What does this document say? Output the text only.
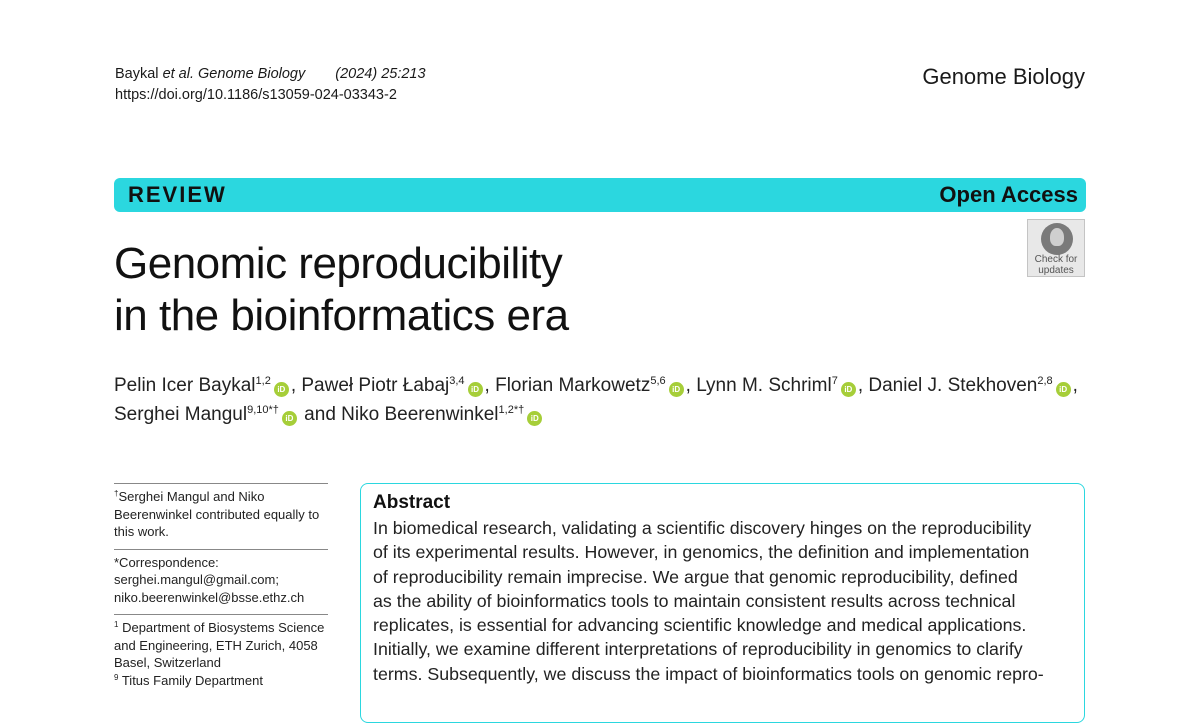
Baykal et al. Genome Biology (2024) 25:213
https://doi.org/10.1186/s13059-024-03343-2
Genome Biology
REVIEW	Open Access
Genomic reproducibility
in the bioinformatics era
Check for updates
Pelin Icer Baykal$^{1,2}$iD , Paweł Piotr Łabaj$^{3,4}$iD , Florian Markowetz$^{5,6}$iD , Lynn M. Schriml$^7$iD , Daniel J. Stekhoven$^{2,8}$iD ,
Serghei Mangul$^{9,10*\dagger}$iD and Niko Beerenwinkel$^{1,2*\dagger}$iD
†Serghei Mangul and Niko Beerenwinkel contributed equally to this work.
*Correspondence:
serghei.mangul@gmail.com;
niko.beerenwinkel@bsse.ethz.ch
$^1$ Department of Biosystems Science and Engineering, ETH Zurich, 4058 Basel, Switzerland
$^9$ Titus Family Department
Abstract
In biomedical research, validating a scientific discovery hinges on the reproducibility
of its experimental results. However, in genomics, the definition and implementation
of reproducibility remain imprecise. We argue that genomic reproducibility, defined
as the ability of bioinformatics tools to maintain consistent results across technical
replicates, is essential for advancing scientific knowledge and medical applications.
Initially, we examine different interpretations of reproducibility in genomics to clarify
terms. Subsequently, we discuss the impact of bioinformatics tools on genomic repro-
